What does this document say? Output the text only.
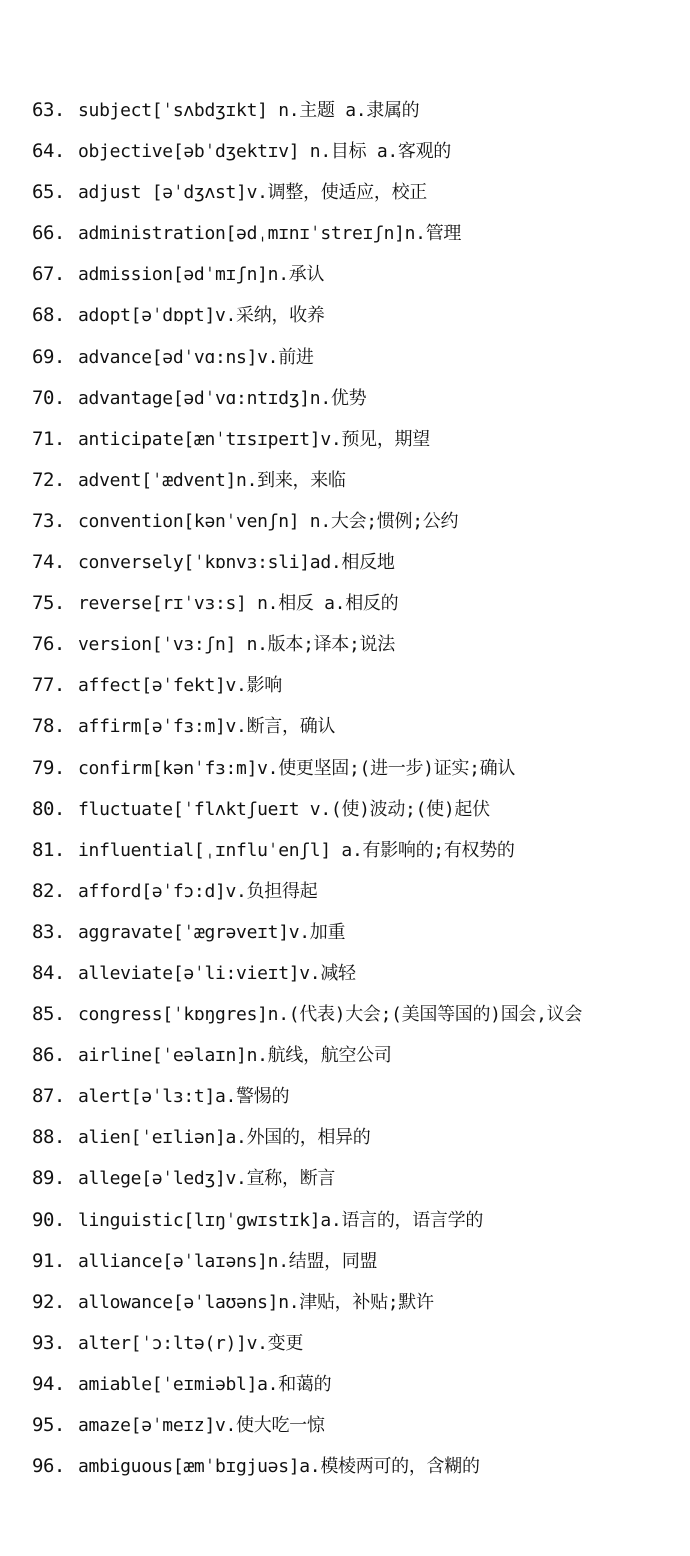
63. subject[ˈsʌbdʒɪkt] n.主题 a.隶属的
64. objective[əbˈdʒektɪv] n.目标 a.客观的
65. adjust [əˈdʒʌst]v.调整，使适应，校正
66. administration[ədˌmɪnɪˈstreɪʃn]n.管理
67. admission[ədˈmɪʃn]n.承认
68. adopt[əˈdɒpt]v.采纳，收养
69. advance[ədˈvɑ:ns]v.前进
70. advantage[ədˈvɑ:ntɪdʒ]n.优势
71. anticipate[ænˈtɪsɪpeɪt]v.预见，期望
72. advent[ˈædvent]n.到来，来临
73. convention[kənˈvenʃn] n.大会;惯例;公约
74. conversely[ˈkɒnvɜ:sli]ad.相反地
75. reverse[rɪˈvɜ:s] n.相反 a.相反的
76. version[ˈvɜ:ʃn] n.版本;译本;说法
77. affect[əˈfekt]v.影响
78. affirm[əˈfɜ:m]v.断言，确认
79. confirm[kənˈfɜ:m]v.使更坚固;(进一步)证实;确认
80. fluctuate[ˈflʌktʃueɪt v.(使)波动;(使)起伏
81. influential[ˌɪnfluˈenʃl] a.有影响的;有权势的
82. afford[əˈfɔ:d]v.负担得起
83. aggravate[ˈægrəveɪt]v.加重
84. alleviate[əˈli:vieɪt]v.减轻
85. congress[ˈkɒŋgres]n.(代表)大会;(美国等国的)国会,议会
86. airline[ˈeəlaɪn]n.航线，航空公司
87. alert[əˈlɜ:t]a.警惕的
88. alien[ˈeɪliən]a.外国的，相异的
89. allege[əˈledʒ]v.宣称，断言
90. linguistic[lɪŋˈgwɪstɪk]a.语言的，语言学的
91. alliance[əˈlaɪəns]n.结盟，同盟
92. allowance[əˈlaʊəns]n.津贴，补贴;默许
93. alter[ˈɔ:ltə(r)]v.变更
94. amiable[ˈeɪmiəbl]a.和蔼的
95. amaze[əˈmeɪz]v.使大吃一惊
96. ambiguous[æmˈbɪgjuəs]a.模棱两可的，含糊的
